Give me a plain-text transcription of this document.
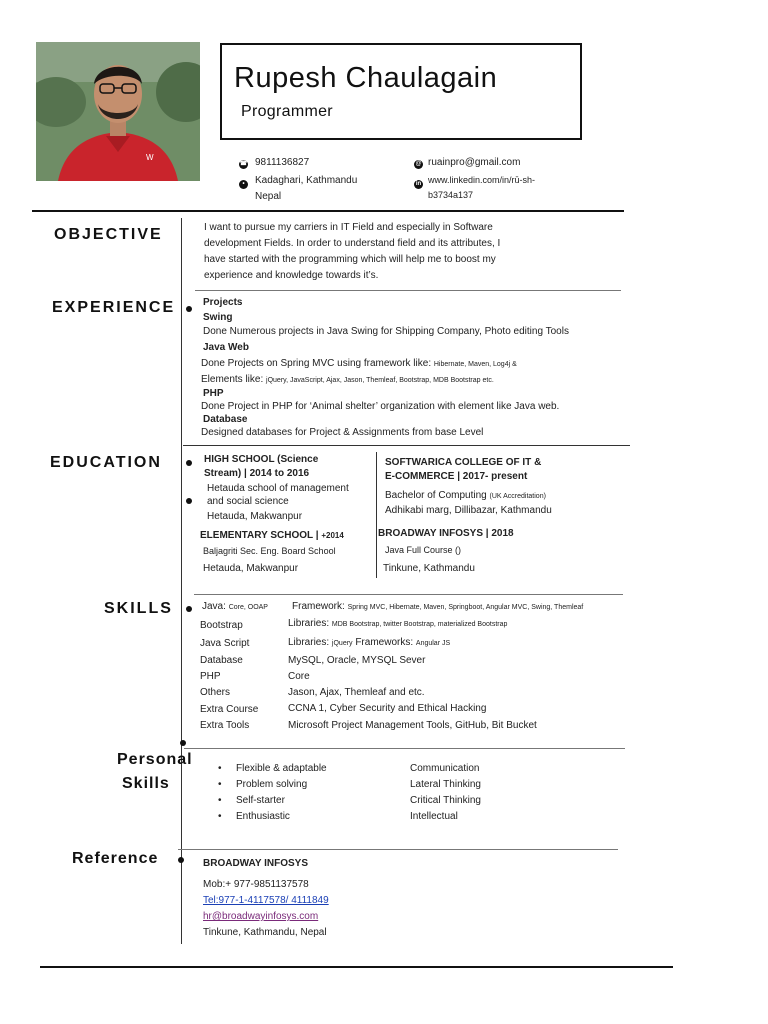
W
Rupesh Chaulagain
Programmer
☎ 9811136827
•	Kadaghari, Kathmandu
Nepal
@ ruainpro@gmail.com
in www.linkedin.com/in/rū-sh-
b3734a137
OBJECTIVE	I want to pursue my carriers in IT Field and especially in Software
development Fields. In order to understand field and its attributes, I
have started with the programming which will help me to boost my
experience and knowledge towards it’s.
EXPERIENCE	Projects
Swing
Done Numerous projects in Java Swing for Shipping Company, Photo editing Tools
Java Web
Done Projects on Spring MVC using framework like: Hibernate, Maven, Log4j &
Elements like: jQuery, JavaScript, Ajax, Jason, Themleaf, Bootstrap, MDB Bootstrap etc.
PHP
Done Project in PHP for ‘Animal shelter’ organization with element like Java web.
Database
Designed databases for Project & Assignments from base Level
EDUCATION	HIGH SCHOOL (Science
Stream) | 2014 to 2016
Hetauda school of management
and social science
Hetauda, Makwanpur
ELEMENTARY SCHOOL | +2014
Baljagriti Sec. Eng. Board School
Hetauda, Makwanpur
SOFTWARICA COLLEGE OF IT &
E-COMMERCE | 2017- present
Bachelor of Computing (UK Accreditation)
Adhikabi marg, Dillibazar, Kathmandu
BROADWAY INFOSYS | 2018
Java Full Course ()
Tinkune, Kathmandu
SKILLS	Java: Core, OOAP Framework: Spring MVC, Hibernate, Maven, Springboot, Angular MVC, Swing, Themleaf
Bootstrap	Libraries: MDB Bootstrap, twitter Bootstrap, materialized Bootstrap
Java Script	Libraries: jQuery Frameworks: Angular JS
Database	MySQL, Oracle, MYSQL Sever
PHP	Core
Others	Jason, Ajax, Themleaf and etc.
Extra Course	CCNA 1, Cyber Security and Ethical Hacking
Extra Tools	Microsoft Project Management Tools, GitHub, Bit Bucket
Personal
Skills
• Flexible & adaptable
• Problem solving
• Self-starter
• Enthusiastic
Communication
Lateral Thinking
Critical Thinking
Intellectual
Reference	BROADWAY INFOSYS
Mob:+ 977-9851137578
Tel:977-1-4117578/ 4111849
hr@broadwayinfosys.com
Tinkune, Kathmandu, Nepal
